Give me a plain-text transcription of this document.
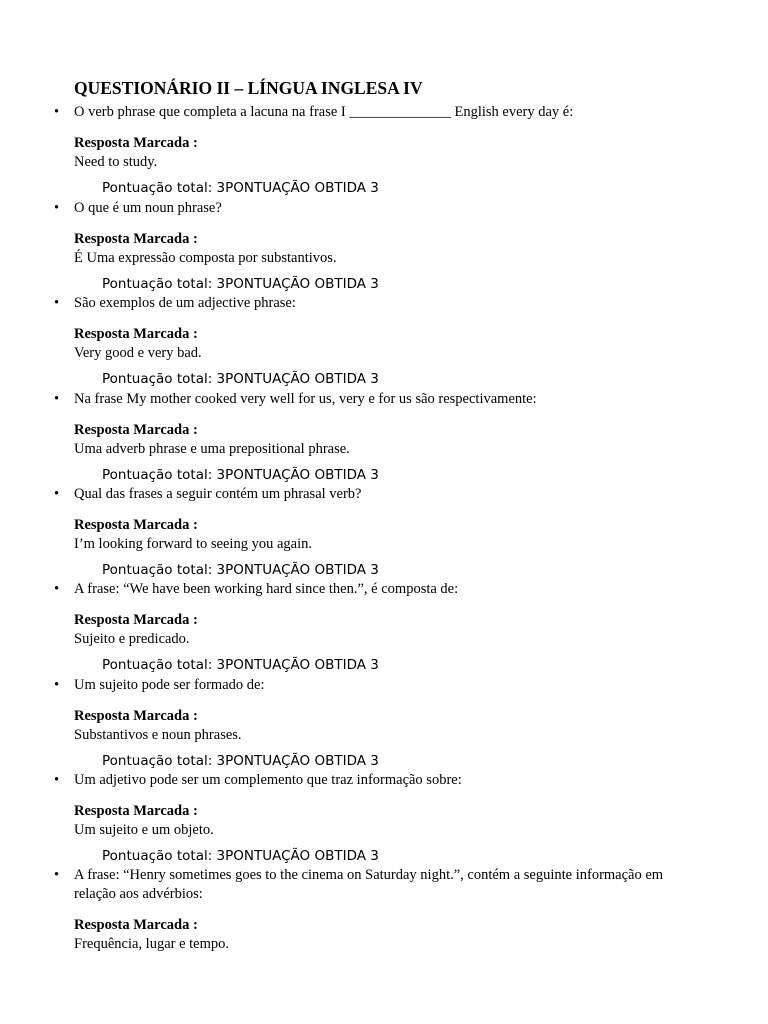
QUESTIONÁRIO II – LÍNGUA INGLESA IV
• O verb phrase que completa a lacuna na frase I ______________ English every day é:
Resposta Marcada :
Need to study.
Pontuação total: 3PONTUAÇÃO OBTIDA 3
• O que é um noun phrase?
Resposta Marcada :
É Uma expressão composta por substantivos.
Pontuação total: 3PONTUAÇÃO OBTIDA 3
• São exemplos de um adjective phrase:
Resposta Marcada :
Very good e very bad.
Pontuação total: 3PONTUAÇÃO OBTIDA 3
• Na frase My mother cooked very well for us, very e for us são respectivamente:
Resposta Marcada :
Uma adverb phrase e uma prepositional phrase.
Pontuação total: 3PONTUAÇÃO OBTIDA 3
• Qual das frases a seguir contém um phrasal verb?
Resposta Marcada :
I’m looking forward to seeing you again.
Pontuação total: 3PONTUAÇÃO OBTIDA 3
• A frase: “We have been working hard since then.”, é composta de:
Resposta Marcada :
Sujeito e predicado.
Pontuação total: 3PONTUAÇÃO OBTIDA 3
• Um sujeito pode ser formado de:
Resposta Marcada :
Substantivos e noun phrases.
Pontuação total: 3PONTUAÇÃO OBTIDA 3
• Um adjetivo pode ser um complemento que traz informação sobre:
Resposta Marcada :
Um sujeito e um objeto.
Pontuação total: 3PONTUAÇÃO OBTIDA 3
• A frase: “Henry sometimes goes to the cinema on Saturday night.”, contém a seguinte informação em relação aos advérbios:
Resposta Marcada :
Frequência, lugar e tempo.
